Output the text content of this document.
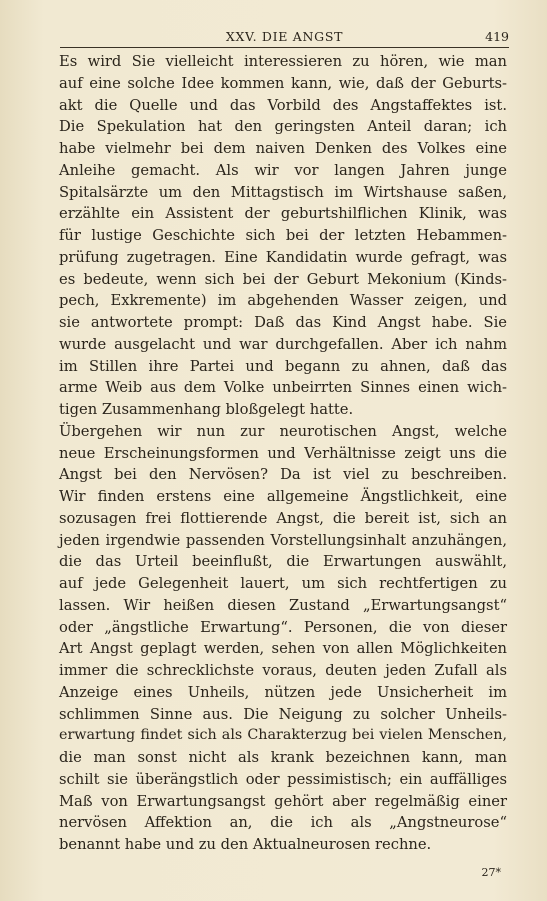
XXV. DIE ANGST	419
Es wird Sie vielleicht interessieren zu hören, wie man
auf eine solche Idee kommen kann, wie, daß der Geburts-
akt die Quelle und das Vorbild des Angstaffektes ist.
Die Spekulation hat den geringsten Anteil daran; ich
habe vielmehr bei dem naiven Denken des Volkes eine
Anleihe gemacht. Als wir vor langen Jahren junge
Spitalsärzte um den Mittagstisch im Wirtshause saßen,
erzählte ein Assistent der geburtshilflichen Klinik, was
für lustige Geschichte sich bei der letzten Hebammen-
prüfung zugetragen. Eine Kandidatin wurde gefragt, was
es bedeute, wenn sich bei der Geburt Mekonium (Kinds-
pech, Exkremente) im abgehenden Wasser zeigen, und
sie antwortete prompt: Daß das Kind Angst habe. Sie
wurde ausgelacht und war durchgefallen. Aber ich nahm
im Stillen ihre Partei und begann zu ahnen, daß das
arme Weib aus dem Volke unbeirrten Sinnes einen wich-
tigen Zusammenhang bloßgelegt hatte.
Übergehen wir nun zur neurotischen Angst, welche
neue Erscheinungsformen und Verhältnisse zeigt uns die
Angst bei den Nervösen? Da ist viel zu beschreiben.
Wir finden erstens eine allgemeine Ängstlichkeit, eine
sozusagen frei flottierende Angst, die bereit ist, sich an
jeden irgendwie passenden Vorstellungsinhalt anzuhängen,
die das Urteil beeinflußt, die Erwartungen auswählt,
auf jede Gelegenheit lauert, um sich rechtfertigen zu
lassen. Wir heißen diesen Zustand „Erwartungsangst“
oder „ängstliche Erwartung“. Personen, die von dieser
Art Angst geplagt werden, sehen von allen Möglichkeiten
immer die schrecklichste voraus, deuten jeden Zufall als
Anzeige eines Unheils, nützen jede Unsicherheit im
schlimmen Sinne aus. Die Neigung zu solcher Unheils-
erwartung findet sich als Charakterzug bei vielen Menschen,
die man sonst nicht als krank bezeichnen kann, man
schilt sie überängstlich oder pessimistisch; ein auffälliges
Maß von Erwartungsangst gehört aber regelmäßig einer
nervösen Affektion an, die ich als „Angstneurose“
benannt habe und zu den Aktualneurosen rechne.
27*
